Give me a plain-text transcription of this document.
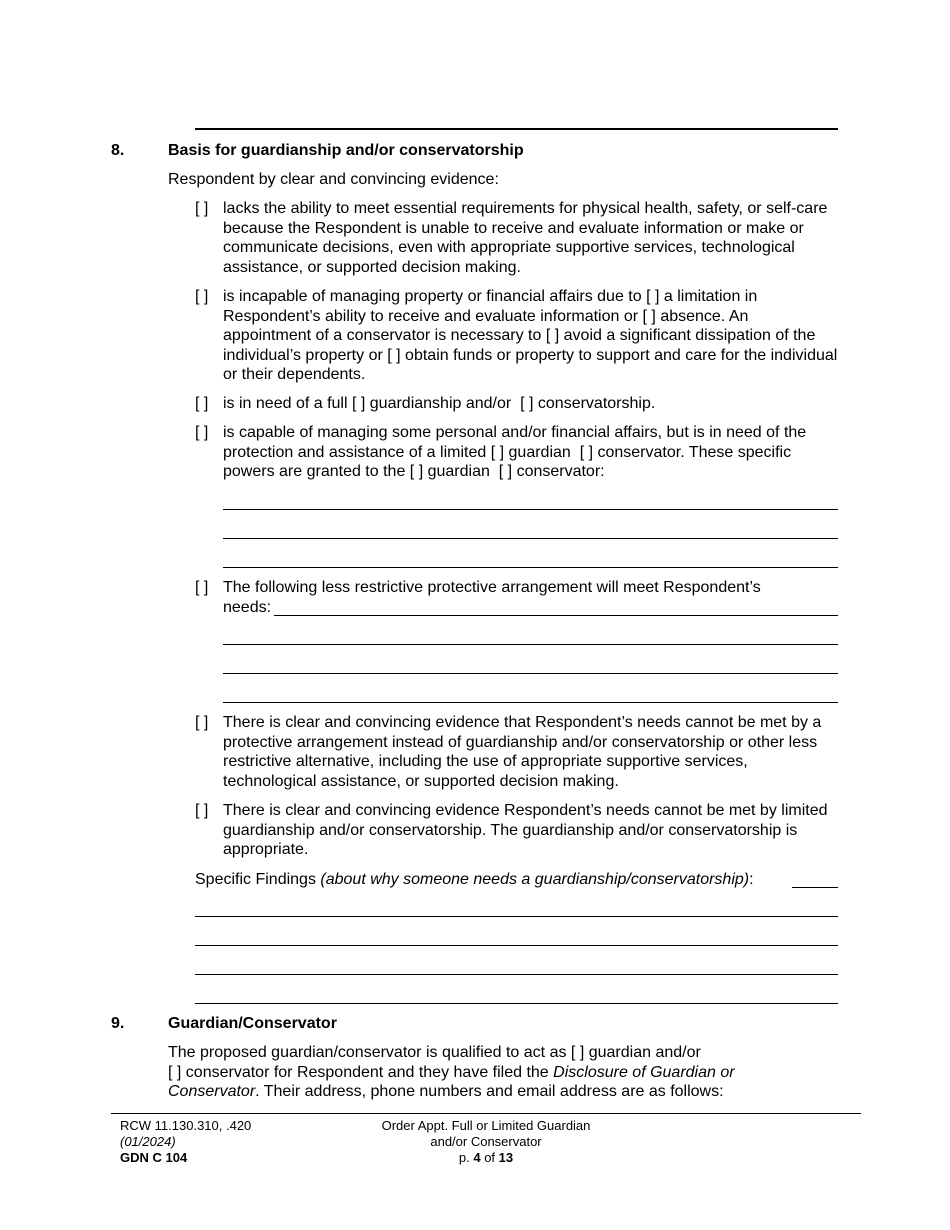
8.	Basis for guardianship and/or conservatorship
Respondent by clear and convincing evidence:
[ ] lacks the ability to meet essential requirements for physical health, safety, or self-care because the Respondent is unable to receive and evaluate information or make or communicate decisions, even with appropriate supportive services, technological assistance, or supported decision making.
[ ] is incapable of managing property or financial affairs due to [ ] a limitation in Respondent’s ability to receive and evaluate information or [ ] absence. An appointment of a conservator is necessary to [ ] avoid a significant dissipation of the individual’s property or [ ] obtain funds or property to support and care for the individual or their dependents.
[ ] is in need of a full [ ] guardianship and/or [ ] conservatorship.
[ ] is capable of managing some personal and/or financial affairs, but is in need of the protection and assistance of a limited [ ] guardian [ ] conservator. These specific powers are granted to the [ ] guardian [ ] conservator:
[ ] The following less restrictive protective arrangement will meet Respondent’s
needs:
[ ] There is clear and convincing evidence that Respondent’s needs cannot be met by a protective arrangement instead of guardianship and/or conservatorship or other less restrictive alternative, including the use of appropriate supportive services, technological assistance, or supported decision making.
[ ] There is clear and convincing evidence Respondent’s needs cannot be met by limited guardianship and/or conservatorship. The guardianship and/or conservatorship is appropriate.
Specific Findings (about why someone needs a guardianship/conservatorship):
9.	Guardian/Conservator
The proposed guardian/conservator is qualified to act as [ ] guardian and/or
[ ] conservator for Respondent and they have filed the Disclosure of Guardian or Conservator. Their address, phone numbers and email address are as follows:
RCW 11.130.310, .420
(01/2024)
GDN C 104
Order Appt. Full or Limited Guardian
and/or Conservator
p. 4 of 13
